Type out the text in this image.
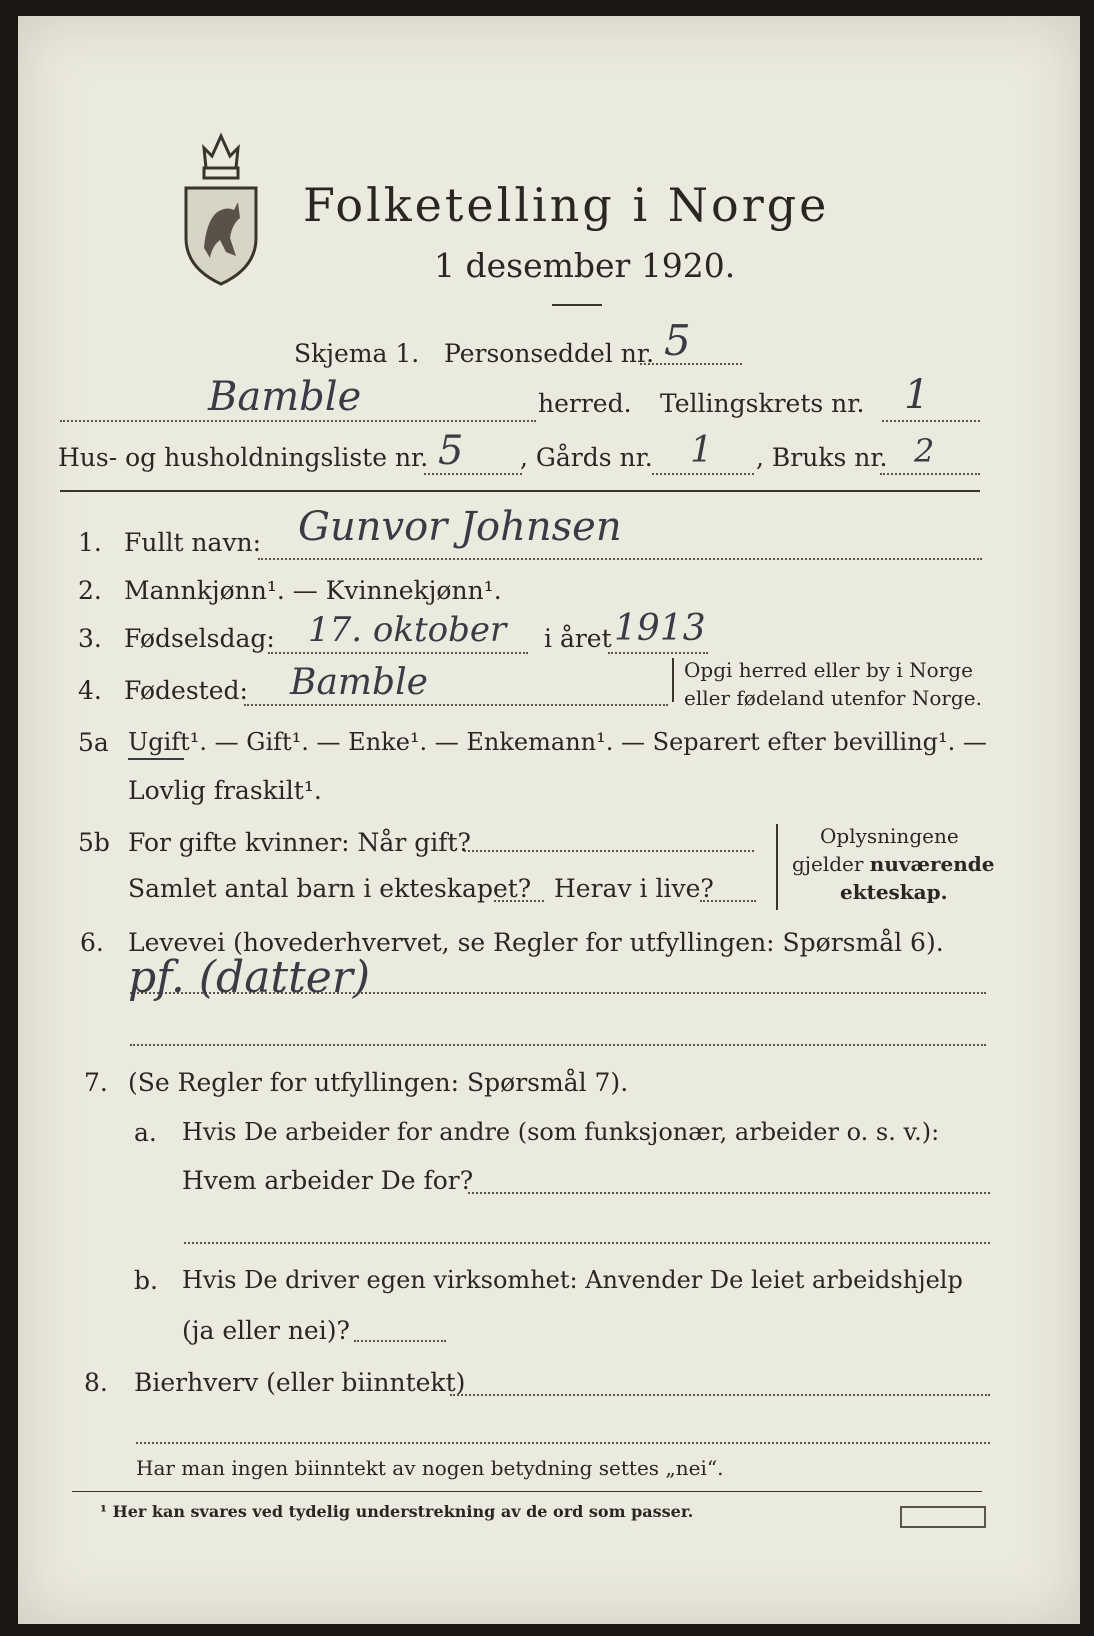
Folketelling i Norge
1 desember 1920.
Skjema 1. Personseddel nr. 5
Bamble	herred. Tellingskrets nr. 1
Hus- og husholdningsliste nr. 5 , Gårds nr. 1 , Bruks nr. 2
1. Fullt navn: Gunvor Johnsen
2. Mannkjønn¹. — Kvinnekjønn¹.
3. Fødselsdag: 17. oktober i året 1913
4. Fødested: Bamble	Opgi herred eller by i Norge
eller fødeland utenfor Norge.
5a Ugift¹. — Gift¹. — Enke¹. — Enkemann¹. — Separert efter bevilling¹. —
Lovlig fraskilt¹.
5b For gifte kvinner: Når gift?
Samlet antal barn i ekteskapet? Herav i live?
Oplysningene
gjelder nuværende
ekteskap.
6. Levevei (hovederhvervet, se Regler for utfyllingen: Spørsmål 6).
pf. (datter)
7. (Se Regler for utfyllingen: Spørsmål 7).
a. Hvis De arbeider for andre (som funksjonær, arbeider o. s. v.):
Hvem arbeider De for?
b. Hvis De driver egen virksomhet: Anvender De leiet arbeidshjelp
(ja eller nei)?
8. Bierhverv (eller biinntekt)
Har man ingen biinntekt av nogen betydning settes „nei“.
¹ Her kan svares ved tydelig understrekning av de ord som passer.
